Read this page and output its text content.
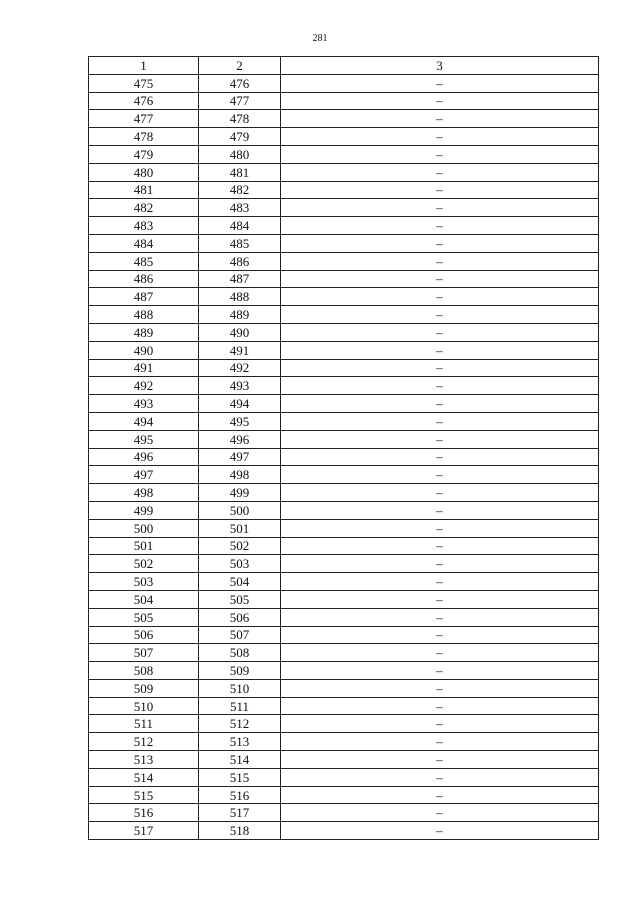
281
1	2	3
475	476	–
476	477	–
477	478	–
478	479	–
479	480	–
480	481	–
481	482	–
482	483	–
483	484	–
484	485	–
485	486	–
486	487	–
487	488	–
488	489	–
489	490	–
490	491	–
491	492	–
492	493	–
493	494	–
494	495	–
495	496	–
496	497	–
497	498	–
498	499	–
499	500	–
500	501	–
501	502	–
502	503	–
503	504	–
504	505	–
505	506	–
506	507	–
507	508	–
508	509	–
509	510	–
510	511	–
511	512	–
512	513	–
513	514	–
514	515	–
515	516	–
516	517	–
517	518	–
